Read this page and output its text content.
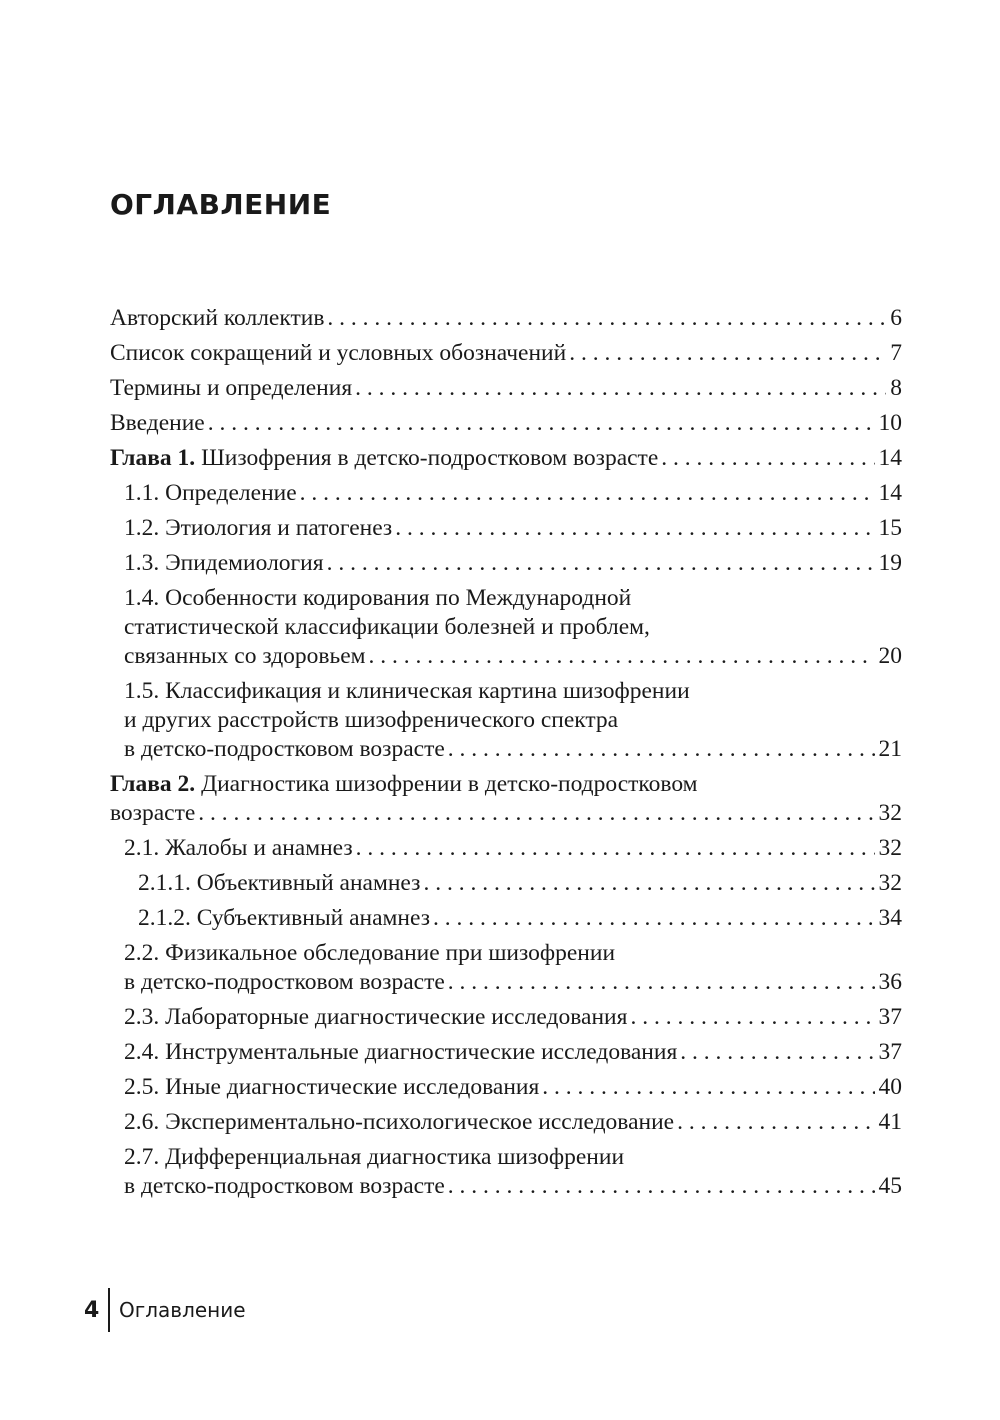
ОГЛАВЛЕНИЕ
Авторский коллектив . . .	6
Список сокращений и условных обозначений . . .	7
Термины и определения . . .	8
Введение . . .	10
Глава 1. Шизофрения в детско-подростковом возрасте . . .	14
1.1. Определение . . .	14
1.2. Этиология и патогенез . . .	15
1.3. Эпидемиология . . .	19
1.4. Особенности кодирования по Международной
статистической классификации болезней и проблем,
связанных со здоровьем . . .	20
1.5. Классификация и клиническая картина шизофрении
и других расстройств шизофренического спектра
в детско-подростковом возрасте . . .	21
Глава 2. Диагностика шизофрении в детско-подростковом
возрасте . . .	32
2.1. Жалобы и анамнез . . .	32
2.1.1. Объективный анамнез . . .	32
2.1.2. Субъективный анамнез . . .	34
2.2. Физикальное обследование при шизофрении
в детско-подростковом возрасте . . .	36
2.3. Лабораторные диагностические исследования . . .	37
2.4. Инструментальные диагностические исследования . . .	37
2.5. Иные диагностические исследования . . .	40
2.6. Экспериментально-психологическое исследование . . .	41
2.7. Дифференциальная диагностика шизофрении
в детско-подростковом возрасте . . .	45
4 Оглавление
